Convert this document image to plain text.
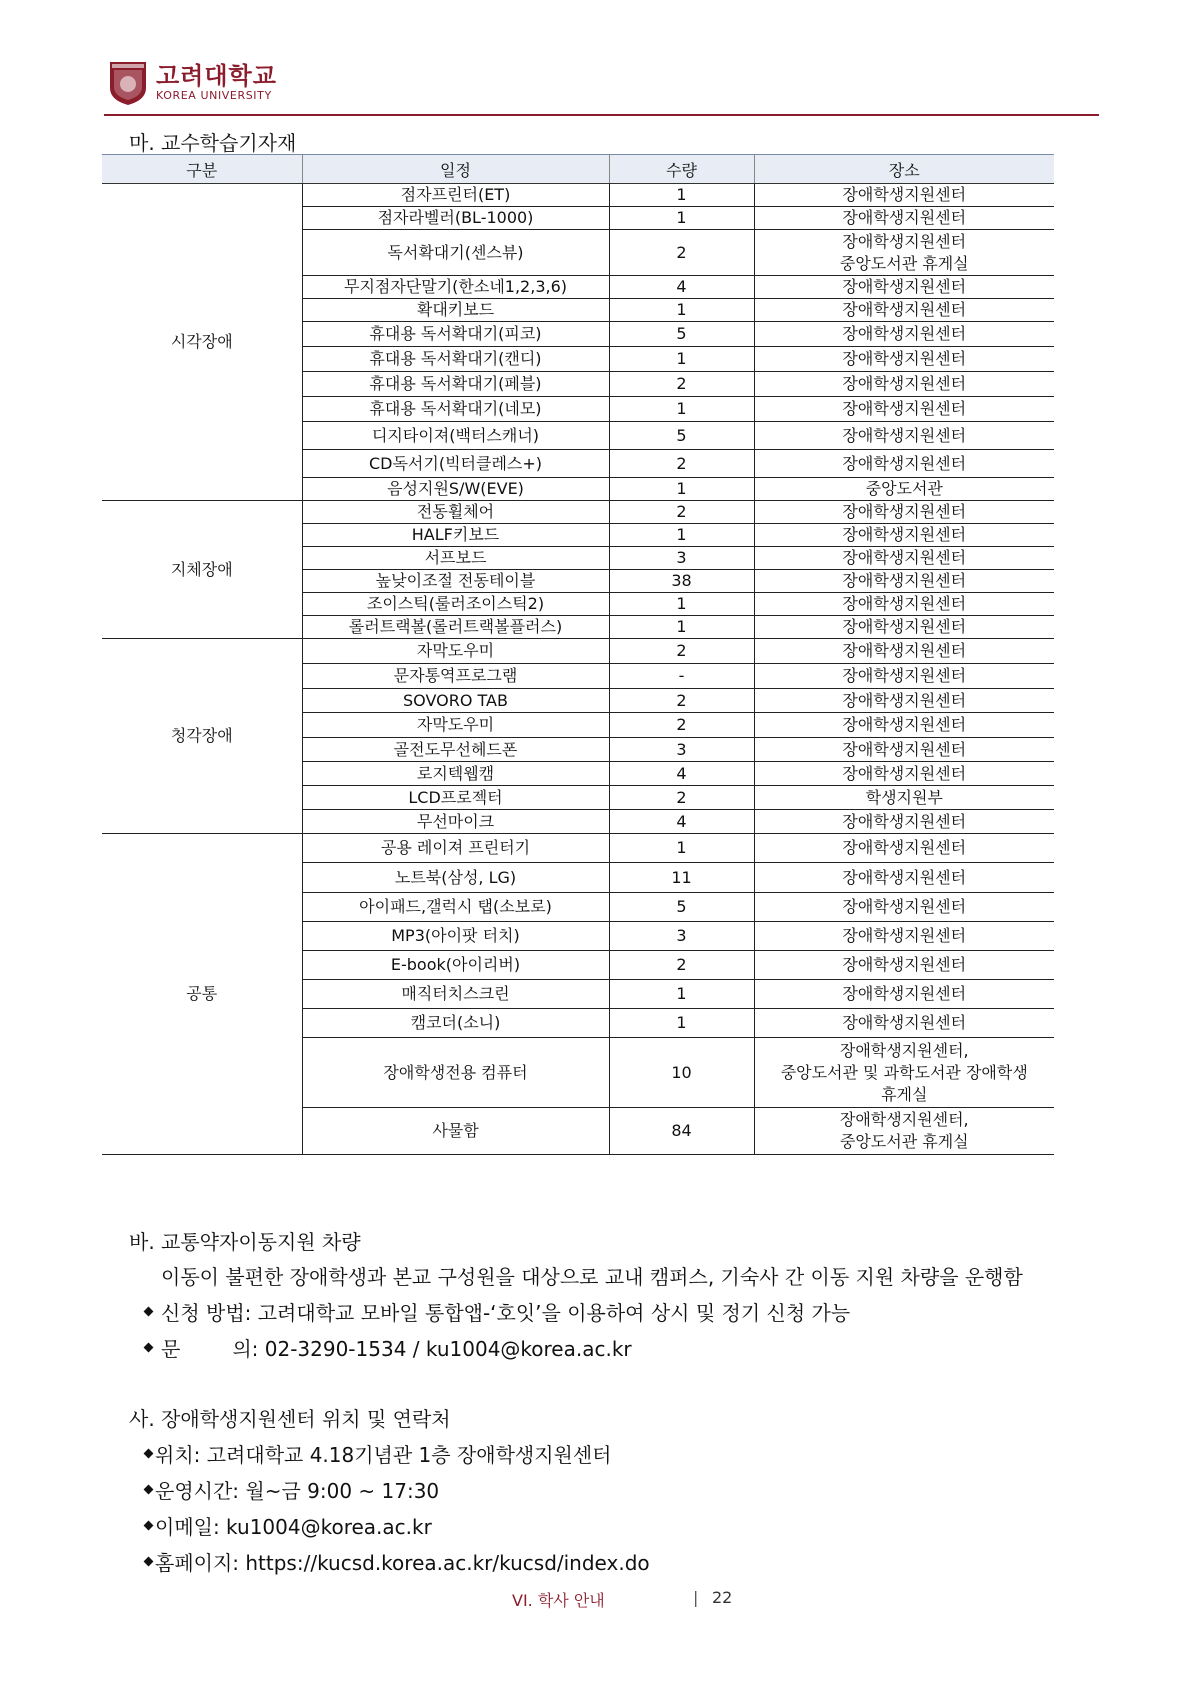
고려대학교
KOREA UNIVERSITY
마. 교수학습기자재
구분	일정	수량	장소
시각장애	점자프린터(ET)	1	장애학생지원센터

	점자라벨러(BL-1000)	1	장애학생지원센터

	독서확대기(센스뷰)	2	장애학생지원센터
중앙도서관 휴게실

	무지점자단말기(한소네1,2,3,6)	4	장애학생지원센터

	확대키보드	1	장애학생지원센터

	휴대용 독서확대기(피코)	5	장애학생지원센터

	휴대용 독서확대기(캔디)	1	장애학생지원센터

	휴대용 독서확대기(페블)	2	장애학생지원센터

	휴대용 독서확대기(네모)	1	장애학생지원센터

	디지타이져(백터스캐너)	5	장애학생지원센터

	CD독서기(빅터클레스+)	2	장애학생지원센터

	음성지원S/W(EVE)	1	중앙도서관

지체장애	전동휠체어	2	장애학생지원센터

	HALF키보드	1	장애학생지원센터

	서프보드	3	장애학생지원센터

	높낮이조절 전동테이블	38	장애학생지원센터

	조이스틱(룰러조이스틱2)	1	장애학생지원센터

	롤러트랙볼(롤러트랙볼플러스)	1	장애학생지원센터

청각장애	자막도우미	2	장애학생지원센터

	문자통역프로그램	-	장애학생지원센터

	SOVORO TAB	2	장애학생지원센터

	자막도우미	2	장애학생지원센터

	골전도무선헤드폰	3	장애학생지원센터

	로지텍웹캠	4	장애학생지원센터

	LCD프로젝터	2	학생지원부

	무선마이크	4	장애학생지원센터

공통	공용 레이져 프린터기	1	장애학생지원센터

	노트북(삼성, LG)	11	장애학생지원센터

	아이패드,갤럭시 탭(소보로)	5	장애학생지원센터

	MP3(아이팟 터치)	3	장애학생지원센터

	E-book(아이리버)	2	장애학생지원센터

	매직터치스크린	1	장애학생지원센터

	캠코더(소니)	1	장애학생지원센터

	장애학생전용 컴퓨터	10	장애학생지원센터,
중앙도서관 및 과학도서관 장애학생
휴게실

	사물함	84	장애학생지원센터,
중앙도서관 휴게실
바. 교통약자이동지원 차량
이동이 불편한 장애학생과 본교 구성원을 대상으로 교내 캠퍼스, 기숙사 간 이동 지원 차량을 운행함
신청 방법: 고려대학교 모바일 통합앱-‘호잇’을 이용하여 상시 및 정기 신청 가능
문	의: 02-3290-1534 / ku1004@korea.ac.kr
사. 장애학생지원센터 위치 및 연락처
위치: 고려대학교 4.18기념관 1층 장애학생지원센터
운영시간: 월~금 9:00 ~ 17:30
이메일: ku1004@korea.ac.kr
홈페이지: https://kucsd.korea.ac.kr/kucsd/index.do
VI. 학사 안내	| 22
